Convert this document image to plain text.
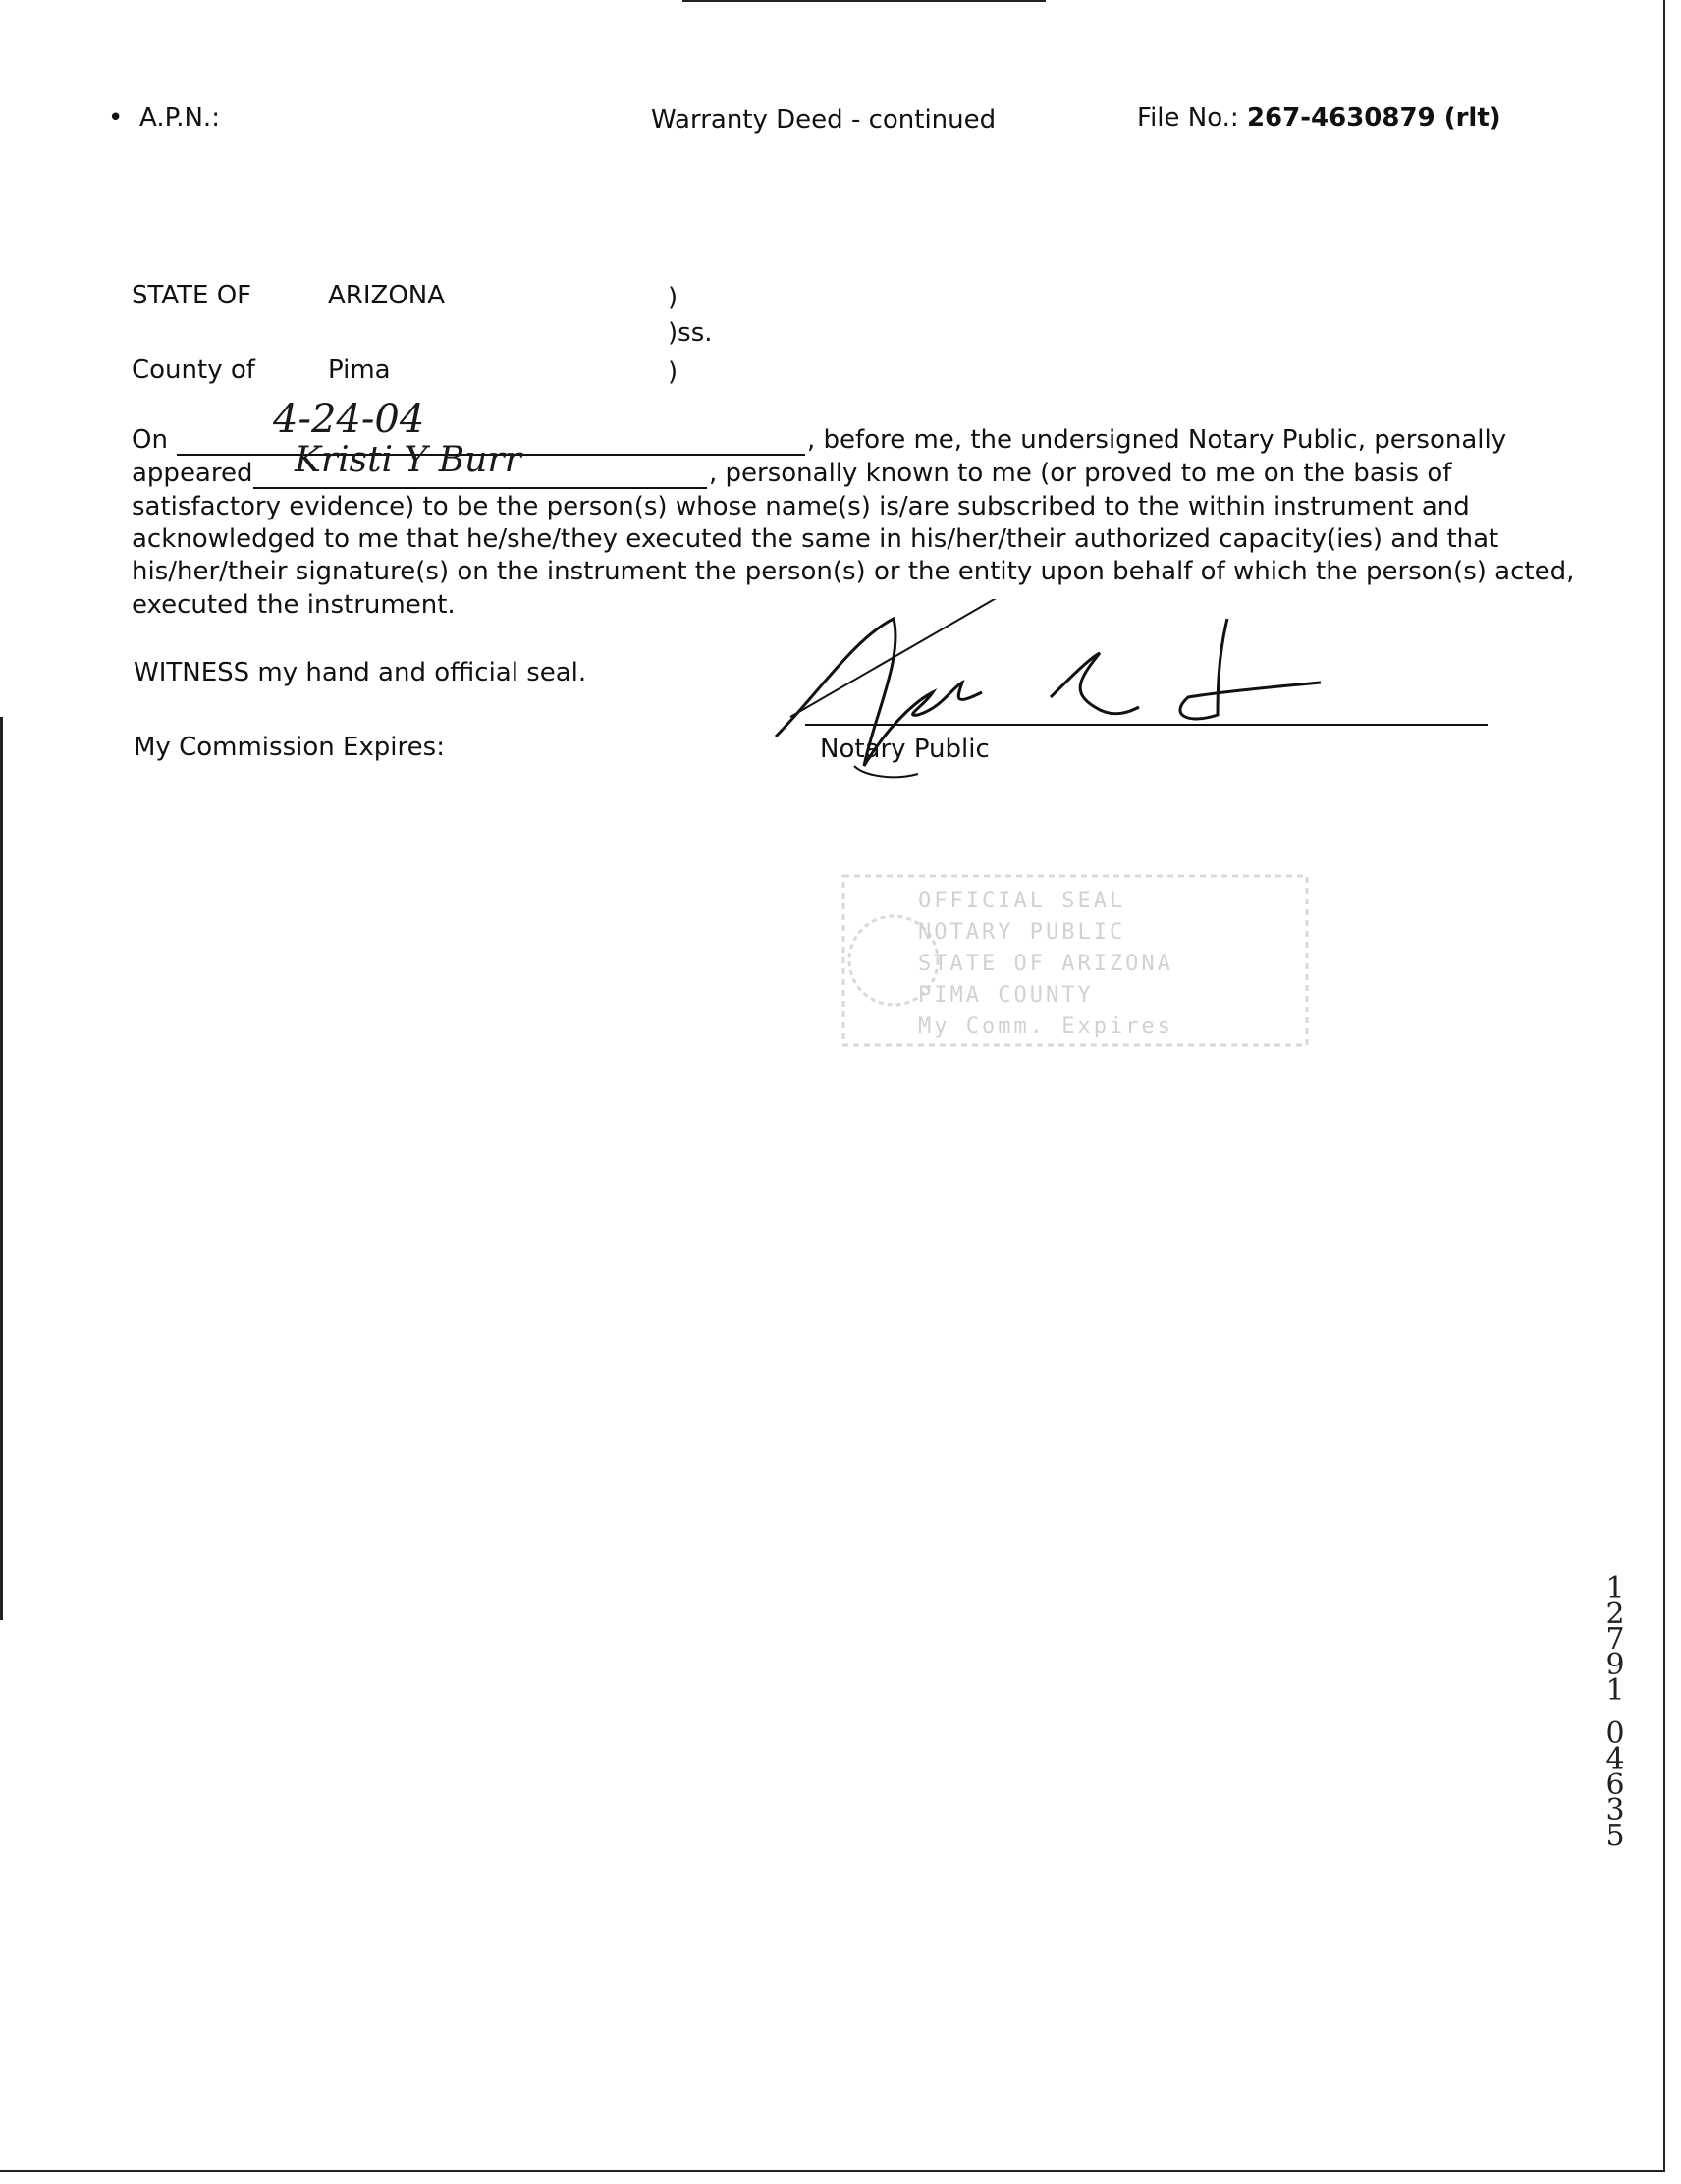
• A.P.N.:	Warranty Deed - continued	File No.: 267-4630879 (rlt)
STATE OF	ARIZONA	)
)ss.
County of	Pima	)
On	4-24-04	, before me, the undersigned Notary Public, personally
appeared Kristi Y Burr	, personally known to me (or proved to me on the basis of
satisfactory evidence) to be the person(s) whose name(s) is/are subscribed to the within instrument and
acknowledged to me that he/she/they executed the same in his/her/their authorized capacity(ies) and that
his/her/their signature(s) on the instrument the person(s) or the entity upon behalf of which the person(s) acted,
executed the instrument.
WITNESS my hand and official seal.
My Commission Expires:	Notary Public
OFFICIAL SEAL
NOTARY PUBLIC
STATE OF ARIZONA
PIMA COUNTY
My Comm. Expires
1
2
7
9
1
0
4
6
3
5
